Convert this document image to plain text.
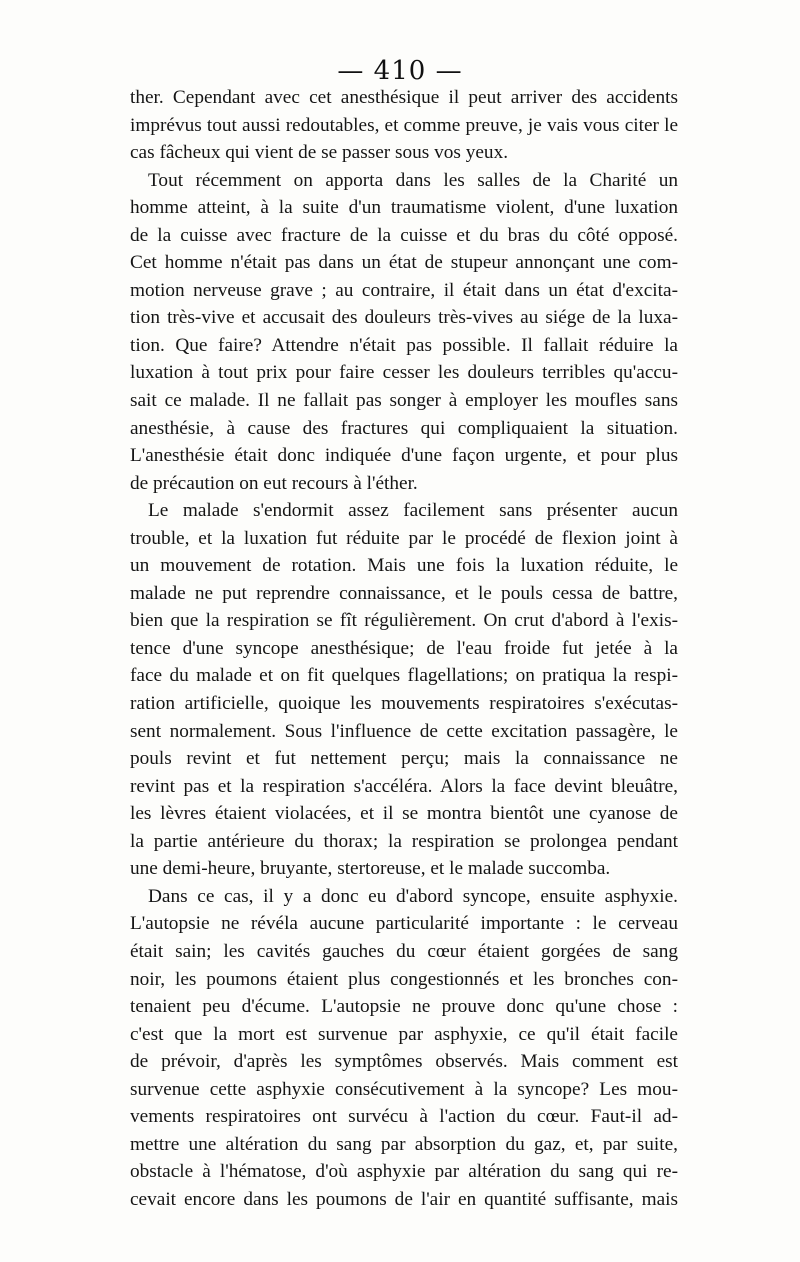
— 410 —
ther. Cependant avec cet anesthésique il peut arriver des accidents
imprévus tout aussi redoutables, et comme preuve, je vais vous citer le
cas fâcheux qui vient de se passer sous vos yeux.
Tout récemment on apporta dans les salles de la Charité un
homme atteint, à la suite d'un traumatisme violent, d'une luxation
de la cuisse avec fracture de la cuisse et du bras du côté opposé.
Cet homme n'était pas dans un état de stupeur annonçant une com-
motion nerveuse grave ; au contraire, il était dans un état d'excita-
tion très-vive et accusait des douleurs très-vives au siége de la luxa-
tion. Que faire? Attendre n'était pas possible. Il fallait réduire la
luxation à tout prix pour faire cesser les douleurs terribles qu'accu-
sait ce malade. Il ne fallait pas songer à employer les moufles sans
anesthésie, à cause des fractures qui compliquaient la situation.
L'anesthésie était donc indiquée d'une façon urgente, et pour plus
de précaution on eut recours à l'éther.
Le malade s'endormit assez facilement sans présenter aucun
trouble, et la luxation fut réduite par le procédé de flexion joint à
un mouvement de rotation. Mais une fois la luxation réduite, le
malade ne put reprendre connaissance, et le pouls cessa de battre,
bien que la respiration se fît régulièrement. On crut d'abord à l'exis-
tence d'une syncope anesthésique; de l'eau froide fut jetée à la
face du malade et on fit quelques flagellations; on pratiqua la respi-
ration artificielle, quoique les mouvements respiratoires s'exécutas-
sent normalement. Sous l'influence de cette excitation passagère, le
pouls revint et fut nettement perçu; mais la connaissance ne
revint pas et la respiration s'accéléra. Alors la face devint bleuâtre,
les lèvres étaient violacées, et il se montra bientôt une cyanose de
la partie antérieure du thorax; la respiration se prolongea pendant
une demi-heure, bruyante, stertoreuse, et le malade succomba.
Dans ce cas, il y a donc eu d'abord syncope, ensuite asphyxie.
L'autopsie ne révéla aucune particularité importante : le cerveau
était sain; les cavités gauches du cœur étaient gorgées de sang
noir, les poumons étaient plus congestionnés et les bronches con-
tenaient peu d'écume. L'autopsie ne prouve donc qu'une chose :
c'est que la mort est survenue par asphyxie, ce qu'il était facile
de prévoir, d'après les symptômes observés. Mais comment est
survenue cette asphyxie consécutivement à la syncope? Les mou-
vements respiratoires ont survécu à l'action du cœur. Faut-il ad-
mettre une altération du sang par absorption du gaz, et, par suite,
obstacle à l'hématose, d'où asphyxie par altération du sang qui re-
cevait encore dans les poumons de l'air en quantité suffisante, mais
